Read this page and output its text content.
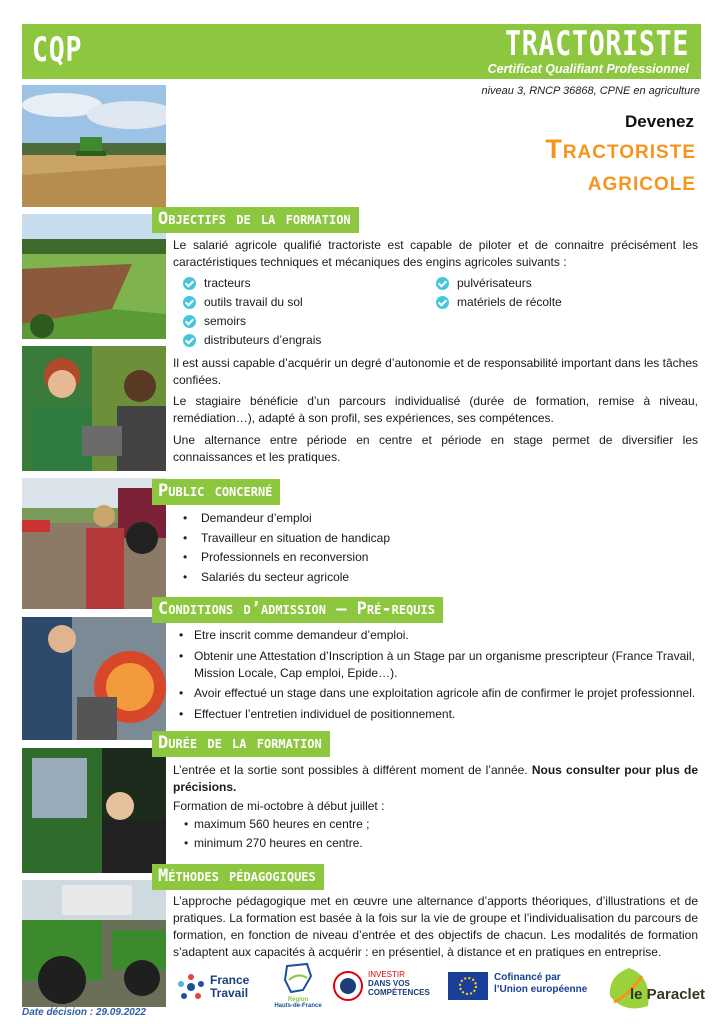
CQP	TRACTORISTE
Certificat Qualifiant Professionnel
niveau 3, RNCP 36868, CPNE en agriculture
Devenez
Tractoriste
agricole
Objectifs de la formation
Le salarié agricole qualifié tractoriste est capable de piloter et de connaitre précisément les caractéristiques techniques et mécaniques des engins agricoles suivants :
tracteurs
outils travail du sol
semoirs
distributeurs d’engrais
pulvérisateurs
matériels de récolte
Il est aussi capable d’acquérir un degré d’autonomie et de responsabilité important dans les tâches confiées.
Le stagiaire bénéficie d’un parcours individualisé (durée de formation, remise à niveau, remédiation…), adapté à son profil, ses expériences, ses compétences.
Une alternance entre période en centre et période en stage permet de diversifier les connaissances et les pratiques.
Public concerné
•	Demandeur d’emploi
•	Travailleur en situation de handicap
•	Professionnels en reconversion
•	Salariés du secteur agricole
Conditions d’admission – Pré-requis
• Etre inscrit comme demandeur d’emploi.
• Obtenir une Attestation d’Inscription à un Stage par un organisme prescripteur (France Travail, Mission Locale, Cap emploi, Epide…).
• Avoir effectué un stage dans une exploitation agricole afin de confirmer le projet professionnel.
• Effectuer l’entretien individuel de positionnement.
Durée de la formation
L’entrée et la sortie sont possibles à différent moment de l’année. Nous consulter pour plus de précisions.
Formation de mi-octobre à début juillet :
• maximum 560 heures en centre ;
• minimum 270 heures en centre.
Méthodes pédagogiques
L’approche pédagogique met en œuvre une alternance d’apports théoriques, d’illustrations et de pratiques. La formation est basée à la fois sur la vie de groupe et l’individualisation du parcours de formation, en fonction de niveau d’entrée et des objectifs de chacun. Les modalités de formation s’adaptent aux capacités à acquérir : en présentiel, à distance et en pratiques en entreprise.
France
Travail	Région
Hauts-de-France
INVESTIR
DANS VOS
COMPÉTENCES
Cofinancé par
l’Union européenne	le Paraclet
Date décision : 29.09.2022
